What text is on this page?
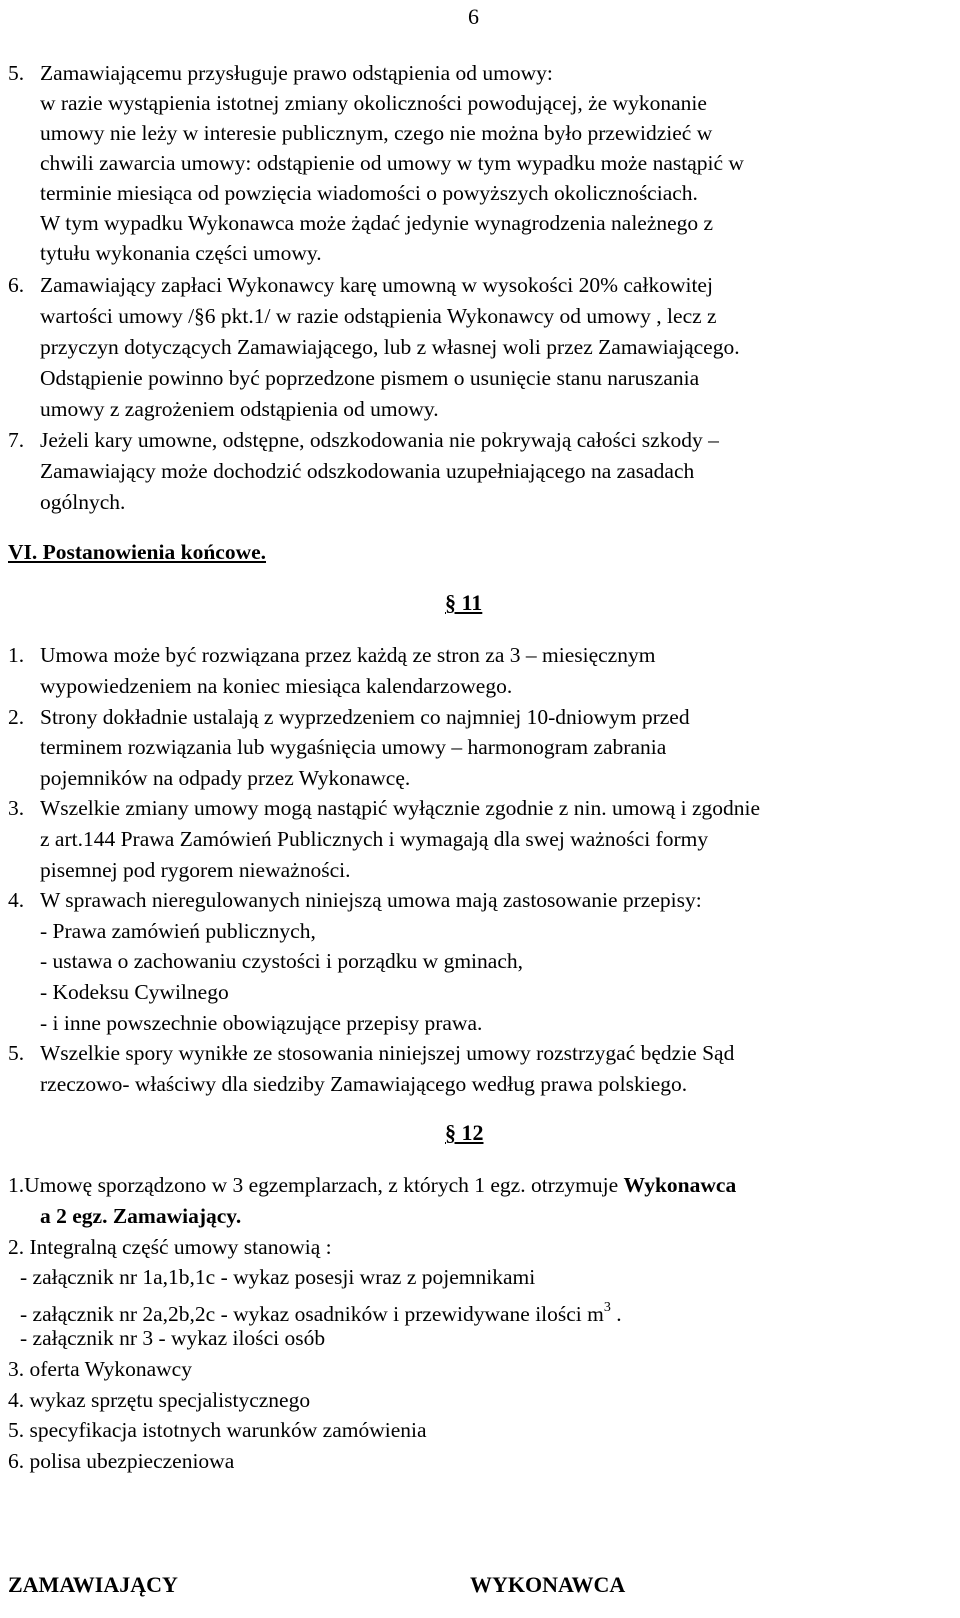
6
5. Zamawiającemu przysługuje prawo odstąpienia od umowy:
w razie wystąpienia istotnej zmiany okoliczności powodującej, że wykonanie
umowy nie leży w interesie publicznym, czego nie można było przewidzieć w
chwili zawarcia umowy: odstąpienie od umowy w tym wypadku może nastąpić w
terminie miesiąca od powzięcia wiadomości o powyższych okolicznościach.
W tym wypadku Wykonawca może żądać jedynie wynagrodzenia należnego z
tytułu wykonania części umowy.
6. Zamawiający zapłaci Wykonawcy karę umowną w wysokości 20% całkowitej
wartości umowy /§6 pkt.1/ w razie odstąpienia Wykonawcy od umowy , lecz z
przyczyn dotyczących Zamawiającego, lub z własnej woli przez Zamawiającego.
Odstąpienie powinno być poprzedzone pismem o usunięcie stanu naruszania
umowy z zagrożeniem odstąpienia od umowy.
7. Jeżeli kary umowne, odstępne, odszkodowania nie pokrywają całości szkody –
Zamawiający może dochodzić odszkodowania uzupełniającego na zasadach
ogólnych.
VI. Postanowienia końcowe.
§ 11
1. Umowa może być rozwiązana przez każdą ze stron za 3 – miesięcznym
wypowiedzeniem na koniec miesiąca kalendarzowego.
2. Strony dokładnie ustalają z wyprzedzeniem co najmniej 10-dniowym przed
terminem rozwiązania lub wygaśnięcia umowy – harmonogram zabrania
pojemników na odpady przez Wykonawcę.
3. Wszelkie zmiany umowy mogą nastąpić wyłącznie zgodnie z nin. umową i zgodnie
z art.144 Prawa Zamówień Publicznych i wymagają dla swej ważności formy
pisemnej pod rygorem nieważności.
4. W sprawach nieregulowanych niniejszą umowa mają zastosowanie przepisy:
- Prawa zamówień publicznych,
- ustawa o zachowaniu czystości i porządku w gminach,
- Kodeksu Cywilnego
- i inne powszechnie obowiązujące przepisy prawa.
5. Wszelkie spory wynikłe ze stosowania niniejszej umowy rozstrzygać będzie Sąd
rzeczowo- właściwy dla siedziby Zamawiającego według prawa polskiego.
§ 12
1.Umowę sporządzono w 3 egzemplarzach, z których 1 egz. otrzymuje Wykonawca
a 2 egz. Zamawiający.
2. Integralną część umowy stanowią :
- załącznik nr 1a,1b,1c - wykaz posesji wraz z pojemnikami
- załącznik nr 2a,2b,2c - wykaz osadników i przewidywane ilości $m^3$ .
- załącznik nr 3 - wykaz ilości osób
3. oferta Wykonawcy
4. wykaz sprzętu specjalistycznego
5. specyfikacja istotnych warunków zamówienia
6. polisa ubezpieczeniowa
ZAMAWIAJĄCY	WYKONAWCA
